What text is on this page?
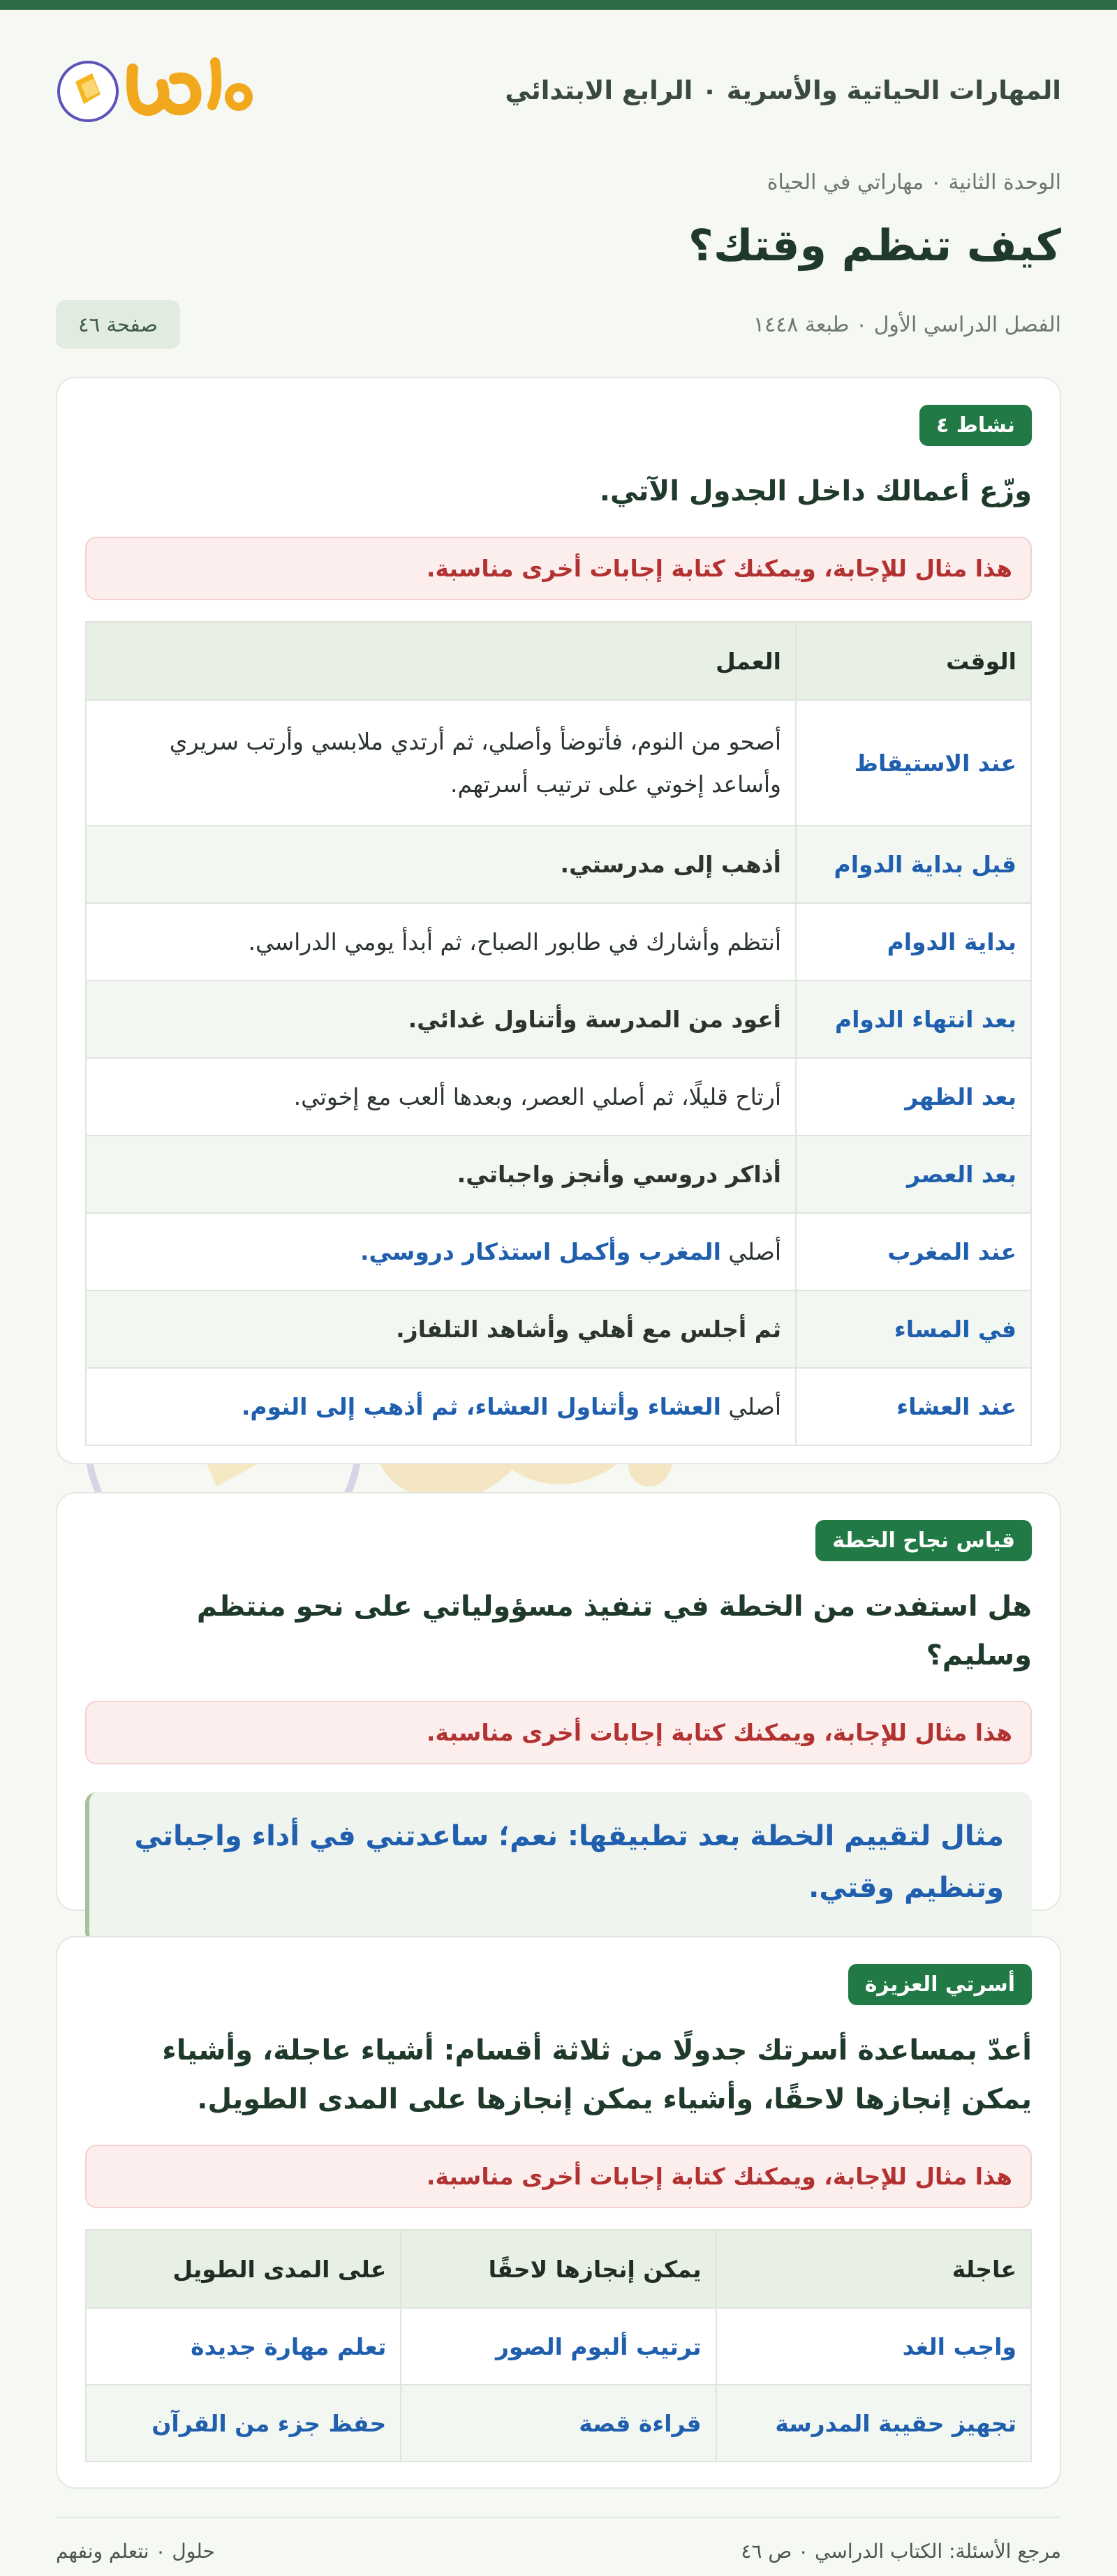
المهارات الحياتية والأسرية ٠ الرابع الابتدائي
الوحدة الثانية ٠ مهاراتي في الحياة
كيف تنظم وقتك؟
الفصل الدراسي الأول ٠ طبعة ١٤٤٨
صفحة ٤٦
نشاط ٤
وزّع أعمالك داخل الجدول الآتي.
هذا مثال للإجابة، ويمكنك كتابة إجابات أخرى مناسبة.
الوقت	العمل
عند الاستيقاظ	أصحو من النوم، فأتوضأ وأصلي، ثم أرتدي ملابسي وأرتب سريري وأساعد إخوتي على ترتيب أسرتهم.
قبل بداية الدوام	أذهب إلى مدرستي.
بداية الدوام	أنتظم وأشارك في طابور الصباح، ثم أبدأ يومي الدراسي.
بعد انتهاء الدوام	أعود من المدرسة وأتناول غدائي.
بعد الظهر	أرتاح قليلًا، ثم أصلي العصر، وبعدها ألعب مع إخوتي.
بعد العصر	أذاكر دروسي وأنجز واجباتي.
عند المغرب	أصلي المغرب وأكمل استذكار دروسي.
في المساء	ثم أجلس مع أهلي وأشاهد التلفاز.
عند العشاء	أصلي العشاء وأتناول العشاء، ثم أذهب إلى النوم.
قياس نجاح الخطة
هل استفدت من الخطة في تنفيذ مسؤولياتي على نحو منتظم وسليم؟
هذا مثال للإجابة، ويمكنك كتابة إجابات أخرى مناسبة.
مثال لتقييم الخطة بعد تطبيقها: نعم؛ ساعدتني في أداء واجباتي وتنظيم وقتي.
أسرتي العزيزة
أعدّ بمساعدة أسرتك جدولًا من ثلاثة أقسام: أشياء عاجلة، وأشياء يمكن إنجازها لاحقًا، وأشياء يمكن إنجازها على المدى الطويل.
هذا مثال للإجابة، ويمكنك كتابة إجابات أخرى مناسبة.
عاجلة	يمكن إنجازها لاحقًا	على المدى الطويل
واجب الغد	ترتيب ألبوم الصور	تعلم مهارة جديدة
تجهيز حقيبة المدرسة	قراءة قصة	حفظ جزء من القرآن
مرجع الأسئلة: الكتاب الدراسي ٠ ص ٤٦
حلول ٠ نتعلم ونفهم
